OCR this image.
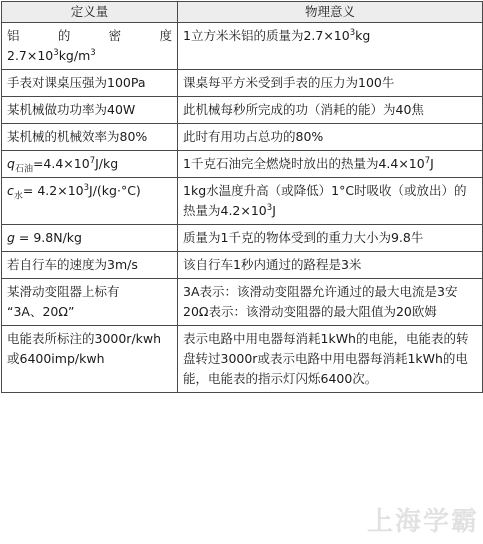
定义量	物理意义

铝 的 密 度
$2.7\times 10^3kg/m^3$	1立方米米铝的质量为$2.7\times 10^3kg$
手表对课桌压强为100Pa	课桌每平方米受到手表的压力为100牛
某机械做功功率为40W	此机械每秒所完成的功（消耗的能）为40焦
某机械的机械效率为80%	此时有用功占总功的80%
$q_{石油}=4.4\times 10^7J/kg$	1千克石油完全燃烧时放出的热量为$4.4\times 10^7J$
$c_水= 4.2\times 10^3J/(kg\cdot^\circ C)$	1kg水温度升高（或降低）1°C时吸收（或放出）的热量为$4.2\times 10^3J$
g = 9.8N/kg	质量为1千克的物体受到的重力大小为9.8牛
若自行车的速度为3m/s	该自行车1秒内通过的路程是3米

某滑动变阻器上标有
“3A、20Ω”	3A表示：该滑动变阻器允许通过的最大电流是3安
20Ω表示：该滑动变阻器的最大阻值为20欧姆

电能表所标注的3000r/kwh
或6400imp/kwh	表示电路中用电器每消耗1kWh的电能，电能表的转盘转过3000r或表示电路中用电器每消耗1kWh的电能，电能表的指示灯闪烁6400次。
上海学霸
